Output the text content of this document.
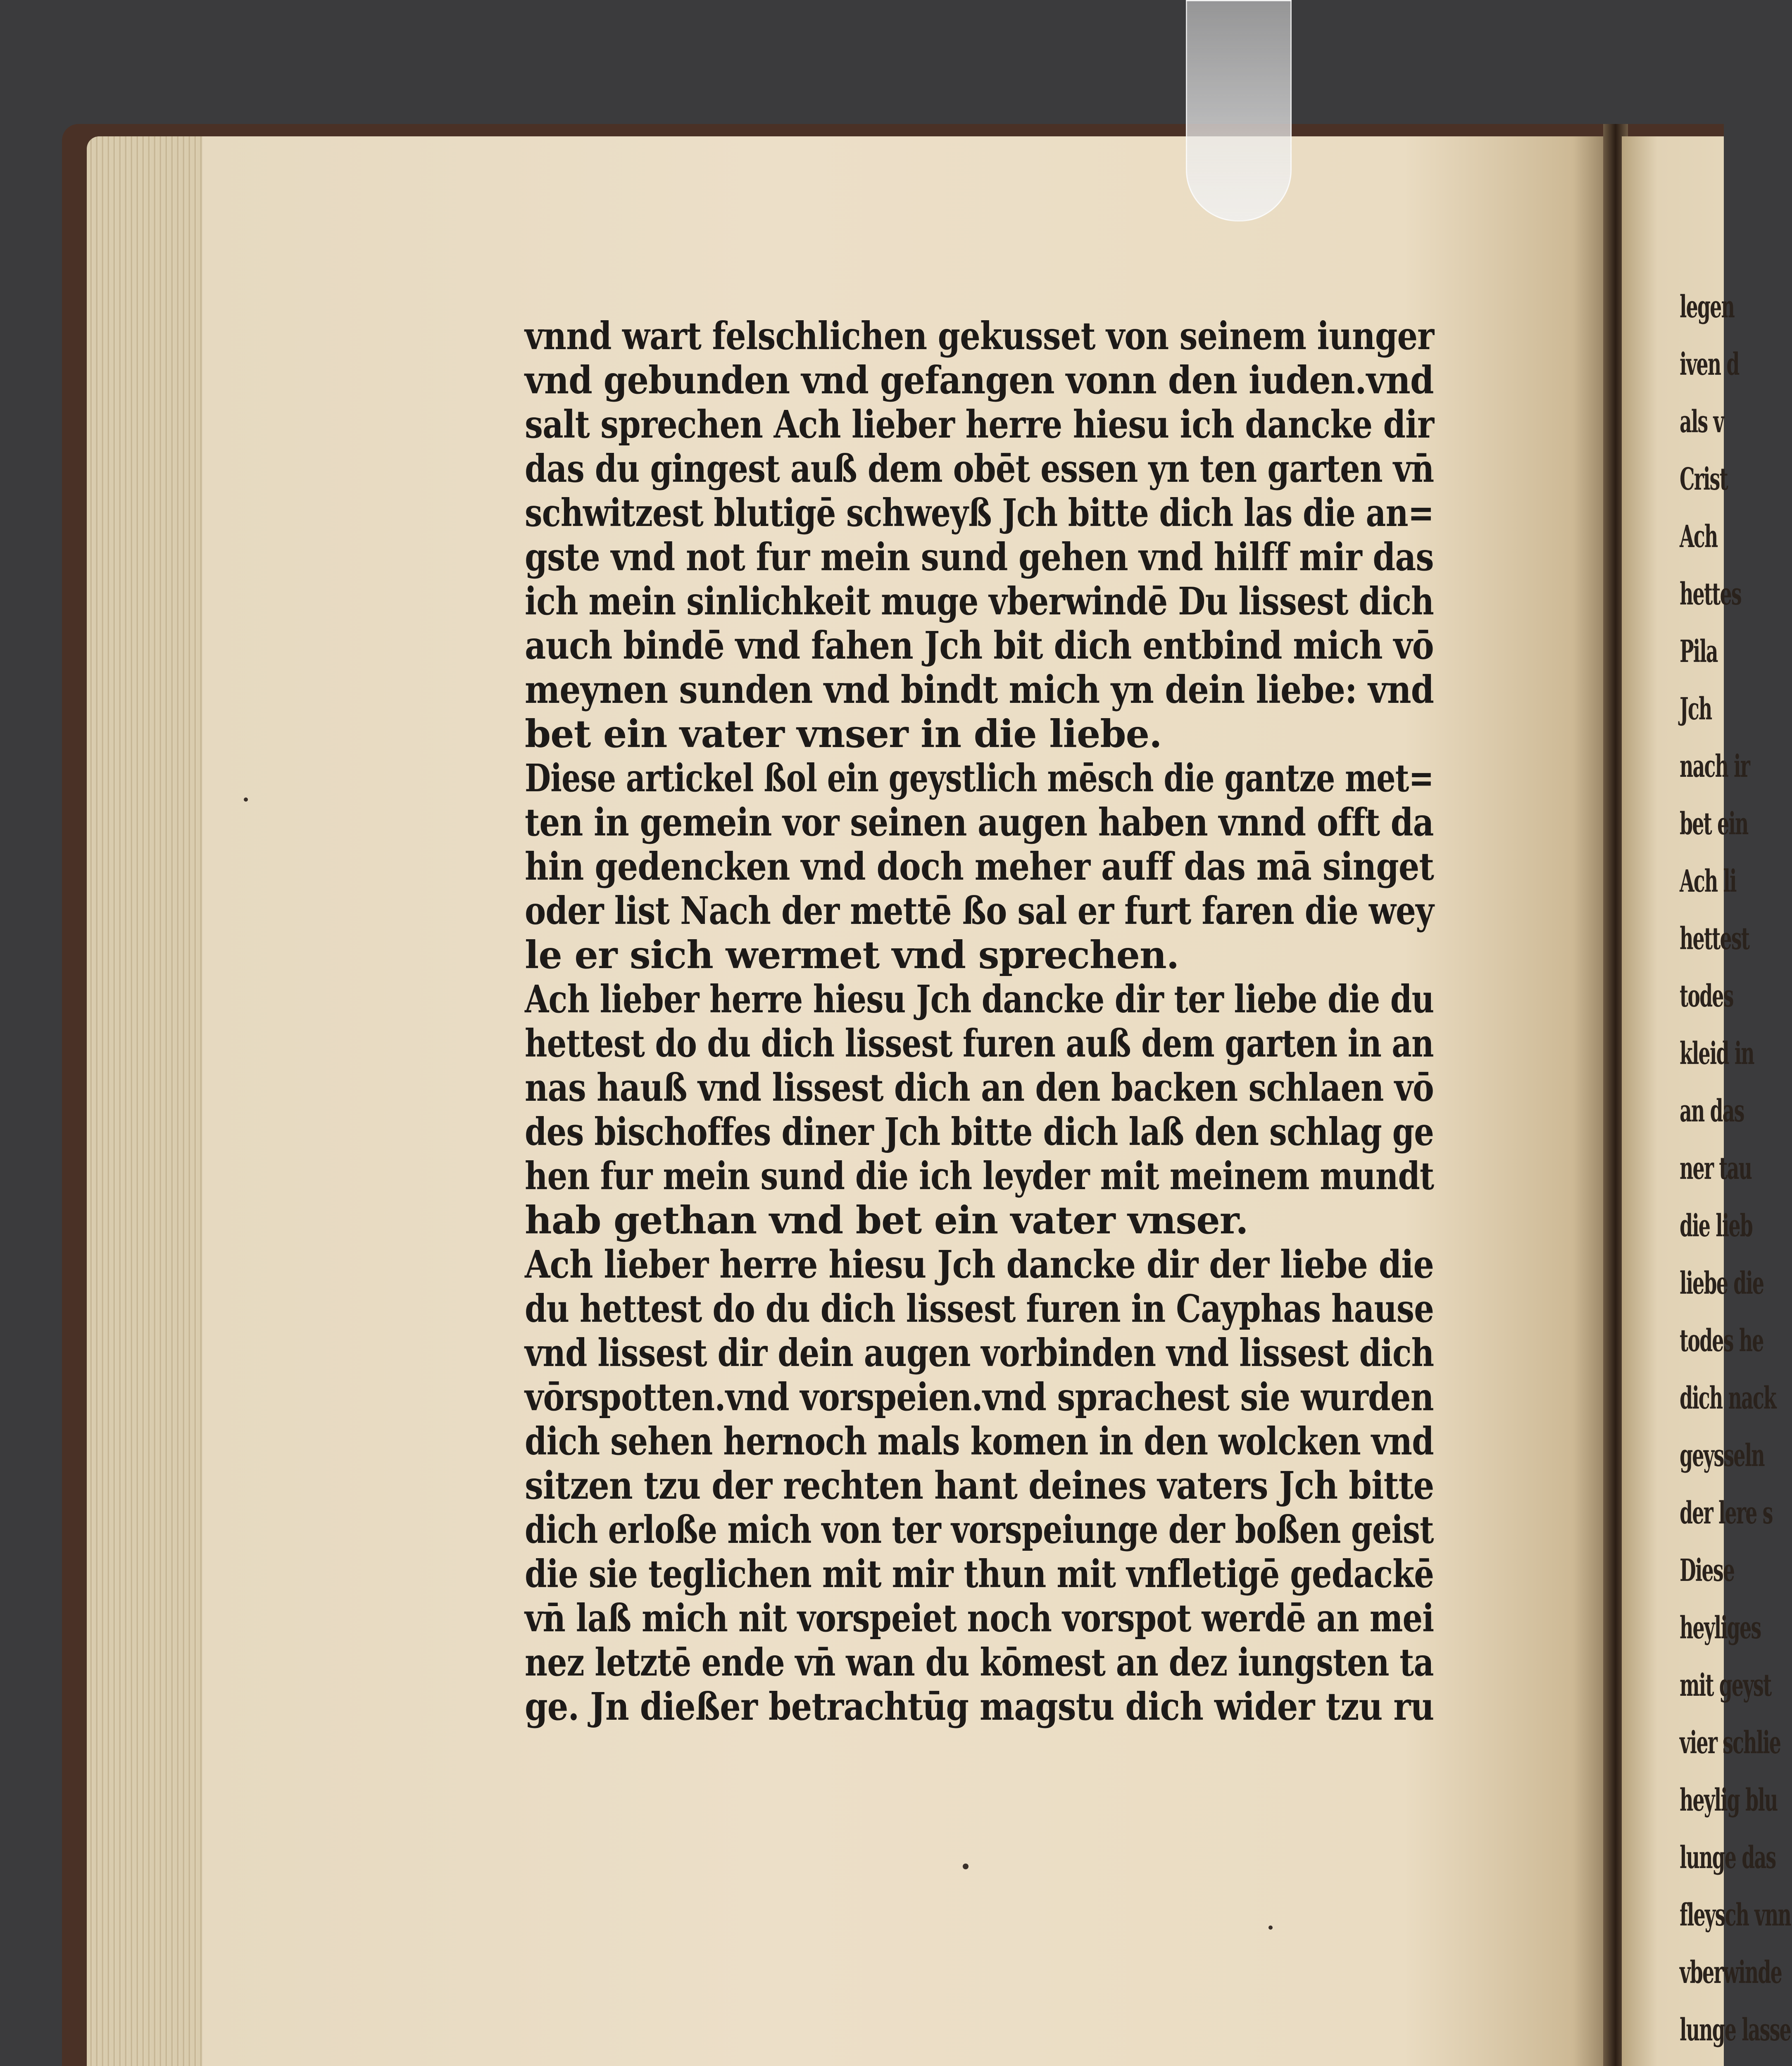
vnnd wart felschlichen gekusset von seinem iunger
vnd gebunden vnd gefangen vonn den iuden.vnd
salt sprechen Ach lieber herre hiesu ich dancke dir
das du gingest auß dem obēt essen yn ten garten vn̄
schwitzest blutigē schweyß Jch bitte dich las die an=
gste vnd not fur mein sund gehen vnd hilff mir das
ich mein sinlichkeit muge vberwindē Du lissest dich
auch bindē vnd fahen Jch bit dich entbind mich vō
meynen sunden vnd bindt mich yn dein liebe: vnd
bet ein vater vnser in die liebe.
Diese artickel ßol ein geystlich mēsch die gantze met=
ten in gemein vor seinen augen haben vnnd offt da
hin gedencken vnd doch meher auff das mā singet
oder list Nach der mettē ßo sal er furt faren die wey
le er sich wermet vnd sprechen.
Ach lieber herre hiesu Jch dancke dir ter liebe die du
hettest do du dich lissest furen auß dem garten in an
nas hauß vnd lissest dich an den backen schlaen vō
des bischoffes diner Jch bitte dich laß den schlag ge
hen fur mein sund die ich leyder mit meinem mundt
hab gethan vnd bet ein vater vnser.
Ach lieber herre hiesu Jch dancke dir der liebe die
du hettest do du dich lissest furen in Cayphas hause
vnd lissest dir dein augen vorbinden vnd lissest dich
vōrspotten.vnd vorspeien.vnd sprachest sie wurden
dich sehen hernoch mals komen in den wolcken vnd
sitzen tzu der rechten hant deines vaters Jch bitte
dich erloße mich von ter vorspeiunge der boßen geist
die sie teglichen mit mir thun mit vnfletigē gedackē
vn̄ laß mich nit vorspeiet noch vorspot werdē an mei
nez letztē ende vn̄ wan du kōmest an dez iungsten ta
ge. Jn dießer betrachtūg magstu dich wider tzu ru
legen
iven d
als v
Crist
Ach
hettes
Pila
Jch
nach ir
bet ein
Ach li
hettest
todes
kleid in
an das
ner tau
die lieb
liebe die
todes he
dich nack
geysseln
der lere s
Diese
heyliges
mit geyst
vier schlie
heylig blu
lunge das
fleysch vnn
vberwinde
lunge lasse
